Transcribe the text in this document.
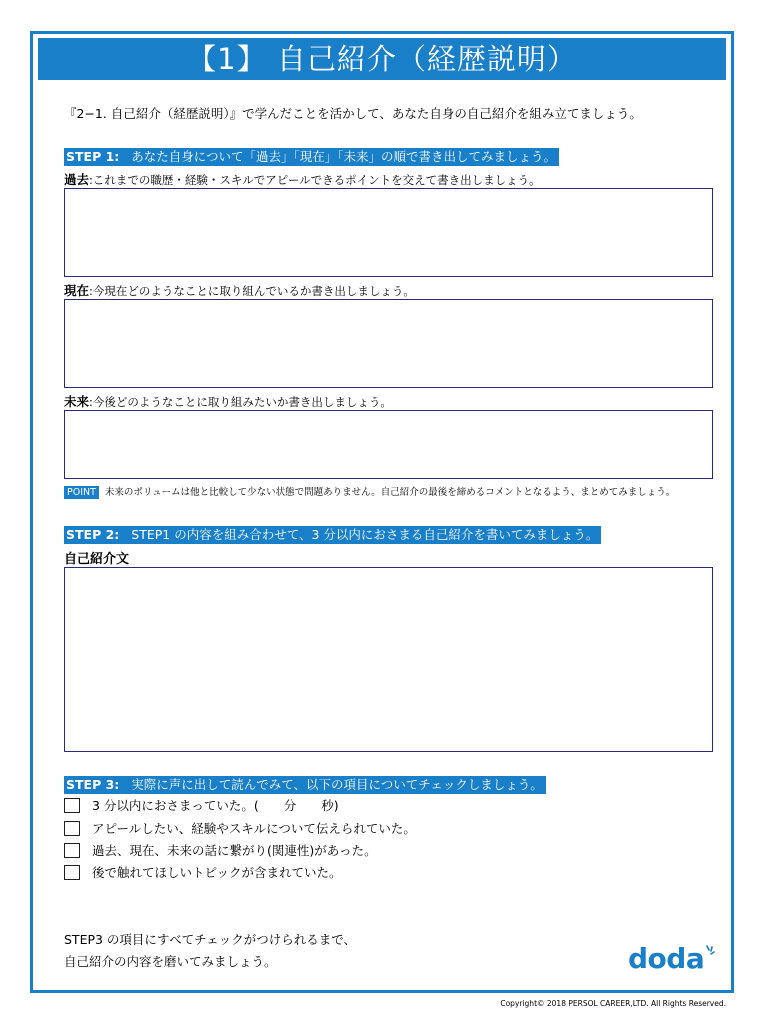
【1】 自己紹介（経歴説明）
『2−1. 自己紹介（経歴説明）』で学んだことを活かして、あなた自身の自己紹介を組み立てましょう。
STEP 1: あなた自身について「過去」「現在」「未来」の順で書き出してみましょう。
過去:これまでの職歴・経験・スキルでアピールできるポイントを交えて書き出しましょう。
現在:今現在どのようなことに取り組んでいるか書き出しましょう。
未来:今後どのようなことに取り組みたいか書き出しましょう。
POINT 未来のボリュームは他と比較して少ない状態で問題ありません。自己紹介の最後を締めるコメントとなるよう、まとめてみましょう。
STEP 2: STEP1 の内容を組み合わせて、3 分以内におさまる自己紹介を書いてみましょう。
自己紹介文
STEP 3: 実際に声に出して読んでみて、以下の項目についてチェックしましょう。
3 分以内におさまっていた。(　　分　　秒)
アピールしたい、経験やスキルについて伝えられていた。
過去、現在、未来の話に繋がり(関連性)があった。
後で触れてほしいトピックが含まれていた。
STEP3 の項目にすべてチェックがつけられるまで、
自己紹介の内容を磨いてみましょう。	doda
Copyright© 2018 PERSOL CAREER,LTD. All Rights Reserved.
